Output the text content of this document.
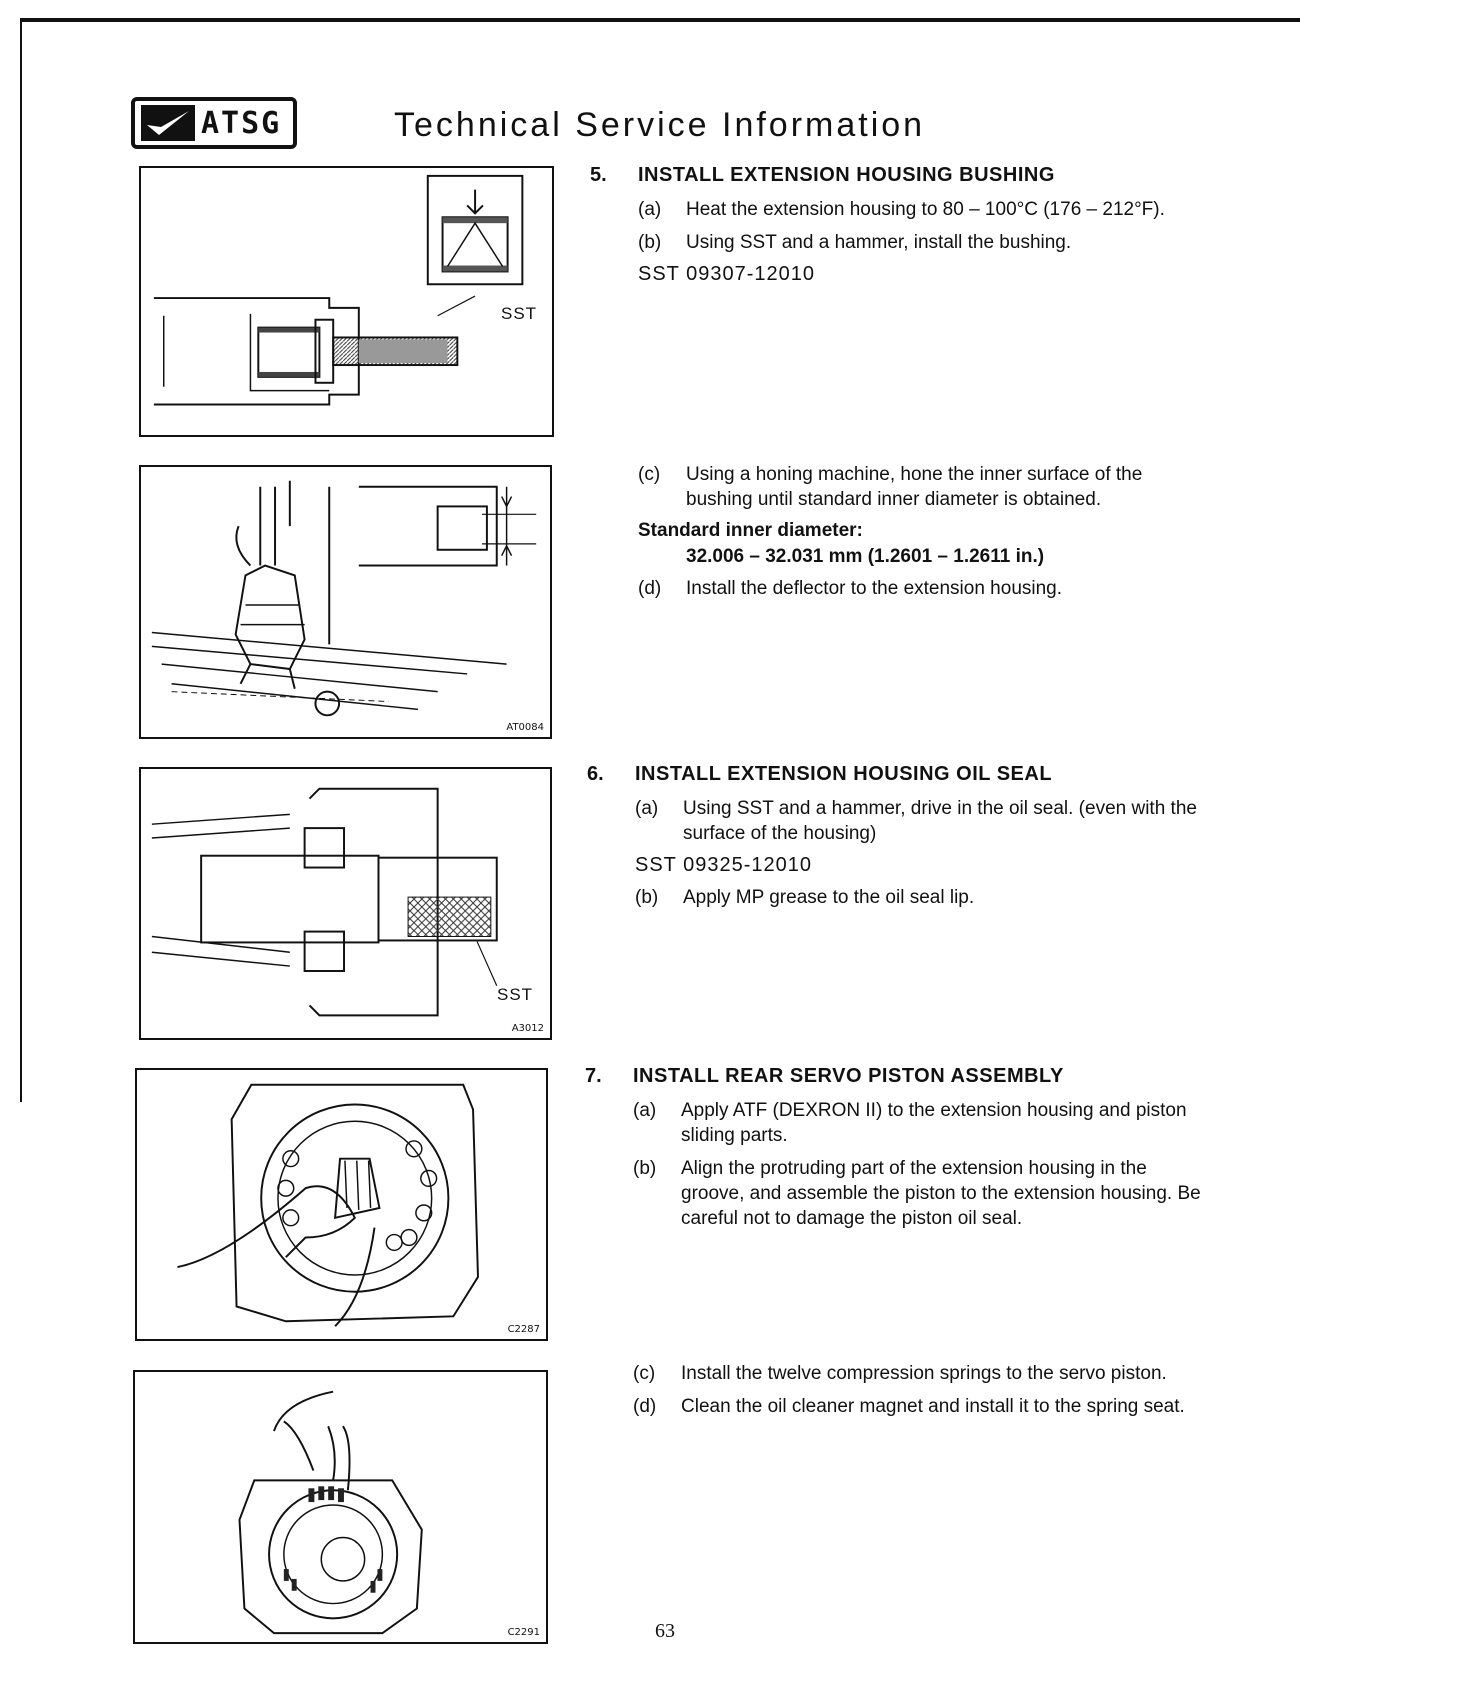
ATSG	Technical Service Information
SST
AT0084
SST
A3012
C2287
C2291
5.	INSTALL EXTENSION HOUSING BUSHING
(a)	Heat the extension housing to 80 – 100°C (176 – 212°F).
(b)	Using SST and a hammer, install the bushing.
SST 09307-12010
(c)	Using a honing machine, hone the inner surface of the bushing until standard inner diameter is obtained.
Standard inner diameter:
32.006 – 32.031 mm (1.2601 – 1.2611 in.)
(d)	Install the deflector to the extension housing.
6.	INSTALL EXTENSION HOUSING OIL SEAL
(a)	Using SST and a hammer, drive in the oil seal. (even with the surface of the housing)
SST 09325-12010
(b)	Apply MP grease to the oil seal lip.
7.	INSTALL REAR SERVO PISTON ASSEMBLY
(a)	Apply ATF (DEXRON II) to the extension housing and piston sliding parts.
(b)	Align the protruding part of the extension housing in the groove, and assemble the piston to the extension housing. Be careful not to damage the piston oil seal.
(c)	Install the twelve compression springs to the servo piston.
(d)	Clean the oil cleaner magnet and install it to the spring seat.
63
